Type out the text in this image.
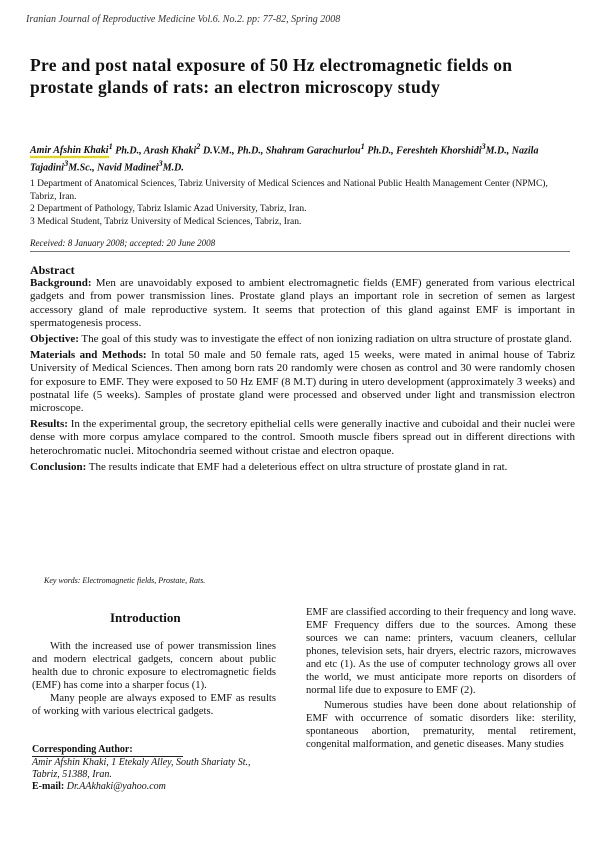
Iranian Journal of Reproductive Medicine Vol.6. No.2. pp: 77-82, Spring 2008
Pre and post natal exposure of 50 Hz electromagnetic fields on prostate glands of rats: an electron microscopy study
Amir Afshin Khaki$^1$ Ph.D., Arash Khaki$^2$ D.V.M., Ph.D., Shahram Garachurlou$^1$ Ph.D., Fereshteh Khorshidi$^3$M.D., Nazila Tajadini$^3$M.Sc., Navid Madinei$^3$M.D.
1 Department of Anatomical Sciences, Tabriz University of Medical Sciences and National Public Health Management Center (NPMC), Tabriz, Iran.
2 Department of Pathology, Tabriz Islamic Azad University, Tabriz, Iran.
3 Medical Student, Tabriz University of Medical Sciences, Tabriz, Iran.
Received: 8 January 2008; accepted: 20 June 2008

Abstract

Background: Men are unavoidably exposed to ambient electromagnetic fields (EMF) generated from various electrical gadgets and from power transmission lines. Prostate gland plays an important role in secretion of semen as largest accessory gland of male reproductive system. It seems that protection of this gland against EMF is important in spermatogenesis process.

Objective: The goal of this study was to investigate the effect of non ionizing radiation on ultra structure of prostate gland.

Materials and Methods: In total 50 male and 50 female rats, aged 15 weeks, were mated in animal house of Tabriz University of Medical Sciences. Then among born rats 20 randomly were chosen as control and 30 were randomly chosen for exposure to EMF. They were exposed to 50 Hz EMF (8 M.T) during in utero development (approximately 3 weeks) and postnatal life (5 weeks). Samples of prostate gland were processed and observed under light and transmission electron microscope.

Results: In the experimental group, the secretory epithelial cells were generally inactive and cuboidal and their nuclei were dense with more corpus amylace compared to the control. Smooth muscle fibers spread out in different directions with heterochromatic nuclei. Mitochondria seemed without cristae and electron opaque.

Conclusion: The results indicate that EMF had a deleterious effect on ultra structure of prostate gland in rat.

Key words: Electromagnetic fields, Prostate, Rats.
Introduction

With the increased use of power transmission lines and modern electrical gadgets, concern about public health due to chronic exposure to electromagnetic fields (EMF) has come into a sharper focus (1).

Many people are always exposed to EMF as results of working with various electrical gadgets.

Corresponding Author:
Amir Afshin Khaki, 1 Etekaly Alley, South Shariaty St., Tabriz, 51388, Iran.
E-mail: Dr.AAkhaki@yahoo.com

EMF are classified according to their frequency and long wave. EMF Frequency differs due to the sources. Among these sources we can name: printers, vacuum cleaners, cellular phones, television sets, hair dryers, electric razors, microwaves and etc (1). As the use of computer technology grows all over the world, we must anticipate more reports on disorders of normal life due to exposure to EMF (2).

Numerous studies have been done about relationship of EMF with occurrence of somatic disorders like: sterility, spontaneous abortion, prematurity, mental retirement, congenital malformation, and genetic diseases. Many studies
